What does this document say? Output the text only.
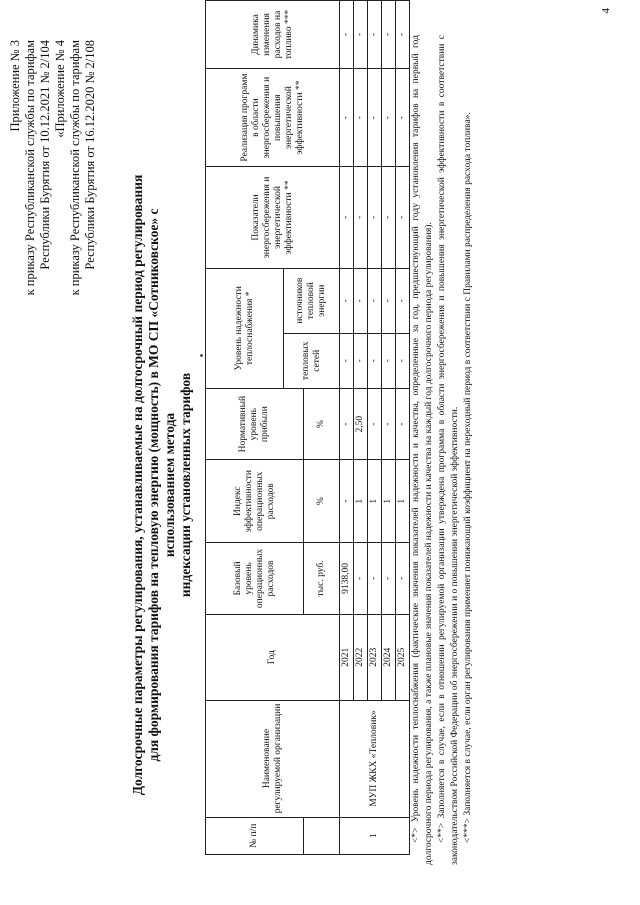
Приложение № 3 к приказу Республиканской службы по тарифам Республики Бурятия от 10.12.2021 № 2/104 «Приложение № 4 к приказу Республиканской службы по тарифам Республики Бурятия от 16.12.2020 № 2/108
Долгосрочные параметры регулирования, устанавливаемые на долгосрочный период регулирования для формирования тарифов на тепловую энергию (мощность) в МО СП «Сотниковское» с использованием метода индексации установленных тарифов
№ п/п	Наименование регулируемой организации	Год	Базовый уровень операционных расходов	Индекс эффективности операционных расходов	Нормативный уровень прибыли	Уровень надежности теплоснабжения *		Показатели энергосбережения и энергетической эффективности **	Реализация программ в области энергосбережения и повышения энергетической эффективности **	Динамика изменения расходов на топливо ***
						тепловых сетей	источников тепловой энергии			
			тыс. руб.	%	%					
1	МУП ЖКХ «Тепловик»	2021	9138,00	-	-	-	-	-	-	-
		2022	-	1	2,50	-	-	-	-	-
		2023	-	1	-	-	-	-	-	-
		2024	-	1	-	-	-	-	-	-
		2025	-	1	-	-	-	-	-	-

<*> Уровень надежности теплоснабжения (фактические значения показателей надежности и качества, определенные за год, предшествующий году установления тарифов на первый год долгосрочного периода регулирования, а также плановые значения показателей надежности и качества на каждый год долгосрочного периода регулирования). <**> Заполняется в случае, если в отношении регулируемой организации утверждена программа в области энергосбережения и повышения энергетической эффективности в соответствии с законодательством Российской Федерации об энергосбережении и о повышении энергетической эффективности. <***> Заполняется в случае, если орган регулирования применяет понижающий коэффициент на переходный период в соответствии с Правилами распределения расхода топлива».

4
